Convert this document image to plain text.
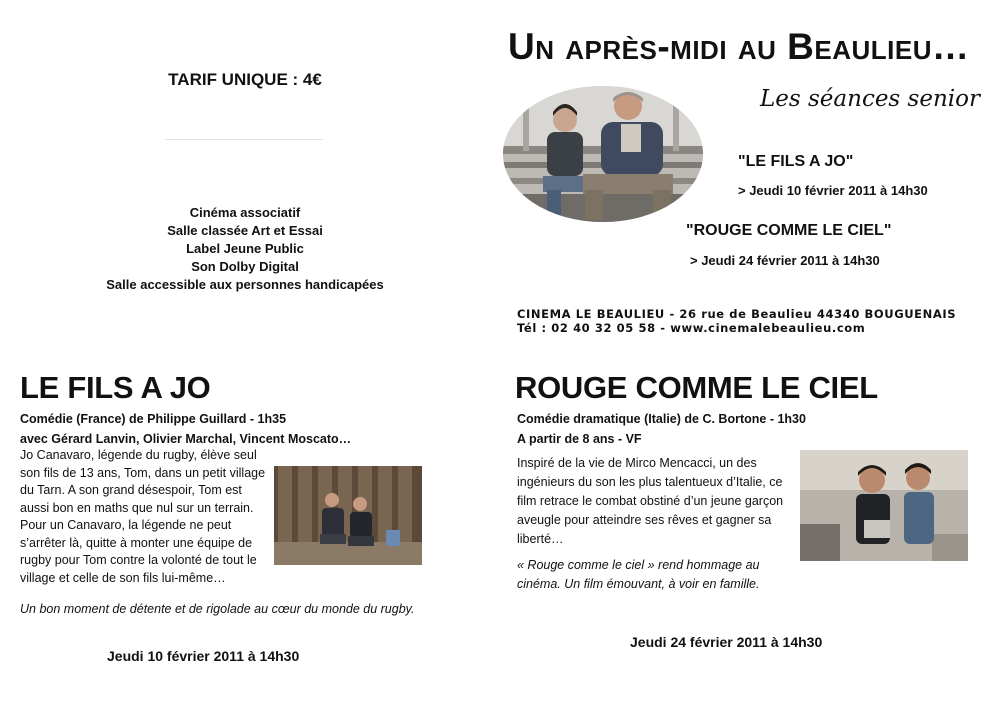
TARIF UNIQUE : 4€
Cinéma associatif
Salle classée Art et Essai
Label Jeune Public
Son Dolby Digital
Salle accessible aux personnes handicapées
Un après-midi au Beaulieu…
Les séances senior
"LE FILS A JO"
> Jeudi 10 février 2011 à 14h30
"ROUGE COMME LE CIEL"
> Jeudi 24 février 2011 à 14h30
CINEMA LE BEAULIEU - 26 rue de Beaulieu 44340 BOUGUENAIS
Tél : 02 40 32 05 58 - www.cinemalebeaulieu.com
LE FILS A JO
Comédie (France) de Philippe Guillard - 1h35
avec Gérard Lanvin, Olivier Marchal, Vincent Moscato…
Jo Canavaro, légende du rugby, élève seul son fils de 13 ans, Tom, dans un petit village du Tarn. A son grand désespoir, Tom est aussi bon en maths que nul sur un terrain. Pour un Canavaro, la légende ne peut s’arrêter là, quitte à monter une équipe de rugby pour Tom contre la volonté de tout le village et celle de son fils lui-même…
Un bon moment de détente et de rigolade au cœur du monde du rugby.
Jeudi 10 février 2011 à 14h30
ROUGE COMME LE CIEL
Comédie dramatique (Italie) de C. Bortone - 1h30
A partir de 8 ans - VF
Inspiré de la vie de Mirco Mencacci, un des ingénieurs du son les plus talentueux d’Italie, ce film retrace le combat obstiné d’un jeune garçon aveugle pour atteindre ses rêves et gagner sa liberté…
« Rouge comme le ciel » rend hommage au cinéma. Un film émouvant, à voir en famille.
Jeudi 24 février 2011 à 14h30
